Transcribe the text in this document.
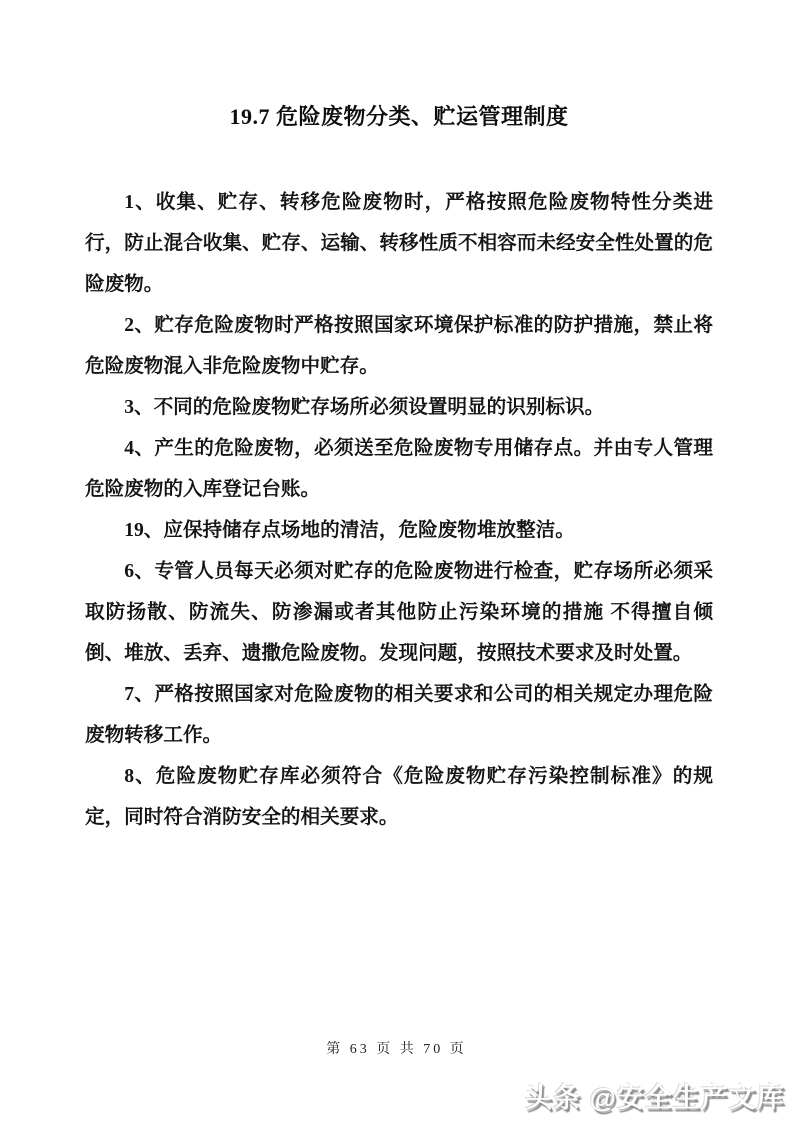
19.7 危险废物分类、贮运管理制度

1、收集、贮存、转移危险废物时，严格按照危险废物特性分类进行，防止混合收集、贮存、运输、转移性质不相容而未经安全性处置的危险废物。

2、贮存危险废物时严格按照国家环境保护标准的防护措施，禁止将危险废物混入非危险废物中贮存。

3、不同的危险废物贮存场所必须设置明显的识别标识。

4、产生的危险废物，必须送至危险废物专用储存点。并由专人管理危险废物的入库登记台账。

19、应保持储存点场地的清洁，危险废物堆放整洁。

6、专管人员每天必须对贮存的危险废物进行检查，贮存场所必须采取防扬散、防流失、防渗漏或者其他防止污染环境的措施 不得擅自倾倒、堆放、丢弃、遗撒危险废物。发现问题，按照技术要求及时处置。

7、严格按照国家对危险废物的相关要求和公司的相关规定办理危险废物转移工作。

8、危险废物贮存库必须符合《危险废物贮存污染控制标准》的规定，同时符合消防安全的相关要求。

第 63 页 共 70 页
头条 @安全生产文库
